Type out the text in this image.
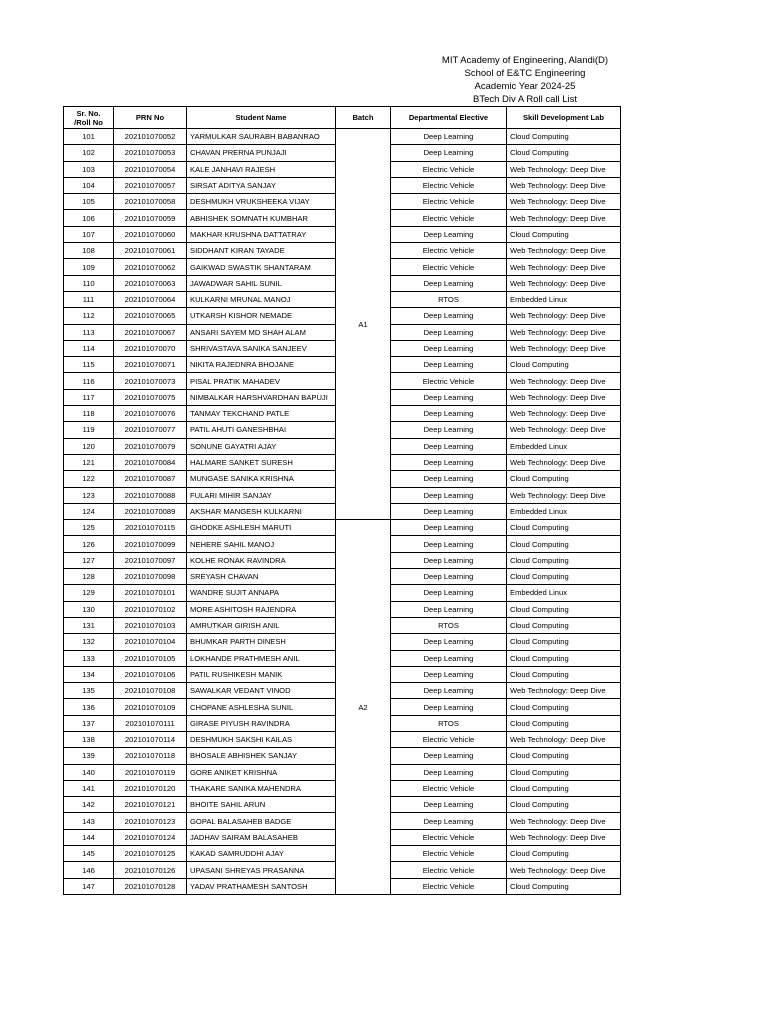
MIT Academy of Engineering, Alandi(D)
School of E&TC Engineering
Academic Year 2024-25
BTech Div A Roll call List
Sr. No.
/Roll No	PRN No	Student Name	Batch	Departmental Elective	Skill Development Lab
101	202101070052	YARMULKAR SAURABH BABANRAO	A1	Deep Learning	Cloud Computing
102	202101070053	CHAVAN PRERNA PUNJAJI		Deep Learning	Cloud Computing
103	202101070054	KALE JANHAVI RAJESH		Electric Vehicle	Web Technology: Deep Dive
104	202101070057	SIRSAT ADITYA SANJAY		Electric Vehicle	Web Technology: Deep Dive
105	202101070058	DESHMUKH VRUKSHEEKA VIJAY		Electric Vehicle	Web Technology: Deep Dive
106	202101070059	ABHISHEK SOMNATH KUMBHAR		Electric Vehicle	Web Technology: Deep Dive
107	202101070060	MAKHAR KRUSHNA DATTATRAY		Deep Learning	Cloud Computing
108	202101070061	SIDDHANT KIRAN TAYADE		Electric Vehicle	Web Technology: Deep Dive
109	202101070062	GAIKWAD SWASTIK SHANTARAM		Electric Vehicle	Web Technology: Deep Dive
110	202101070063	JAWADWAR SAHIL SUNIL		Deep Learning	Web Technology: Deep Dive
111	202101070064	KULKARNI MRUNAL MANOJ		RTOS	Embedded Linux
112	202101070065	UTKARSH KISHOR NEMADE		Deep Learning	Web Technology: Deep Dive
113	202101070067	ANSARI SAYEM MD SHAH ALAM		Deep Learning	Web Technology: Deep Dive
114	202101070070	SHRIVASTAVA SANIKA SANJEEV		Deep Learning	Web Technology: Deep Dive
115	202101070071	NIKITA RAJEDNRA BHOJANE		Deep Learning	Cloud Computing
116	202101070073	PISAL PRATIK MAHADEV		Electric Vehicle	Web Technology: Deep Dive
117	202101070075	NIMBALKAR HARSHVARDHAN BAPUJI		Deep Learning	Web Technology: Deep Dive
118	202101070076	TANMAY TEKCHAND PATLE		Deep Learning	Web Technology: Deep Dive
119	202101070077	PATIL AHUTI GANESHBHAI		Deep Learning	Web Technology: Deep Dive
120	202101070079	SONUNE GAYATRI AJAY		Deep Learning	Embedded Linux
121	202101070084	HALMARE SANKET SURESH		Deep Learning	Web Technology: Deep Dive
122	202101070087	MUNGASE SANIKA KRISHNA		Deep Learning	Cloud Computing
123	202101070088	FULARI MIHIR SANJAY		Deep Learning	Web Technology: Deep Dive
124	202101070089	AKSHAR MANGESH KULKARNI		Deep Learning	Embedded Linux
125	202101070115	GHODKE ASHLESH MARUTI	A2	Deep Learning	Cloud Computing
126	202101070099	NEHERE SAHIL MANOJ		Deep Learning	Cloud Computing
127	202101070097	KOLHE RONAK RAVINDRA		Deep Learning	Cloud Computing
128	202101070098	SREYASH CHAVAN		Deep Learning	Cloud Computing
129	202101070101	WANDRE SUJIT ANNAPA		Deep Learning	Embedded Linux
130	202101070102	MORE ASHITOSH RAJENDRA		Deep Learning	Cloud Computing
131	202101070103	AMRUTKAR GIRISH ANIL		RTOS	Cloud Computing
132	202101070104	BHUMKAR PARTH DINESH		Deep Learning	Cloud Computing
133	202101070105	LOKHANDE PRATHMESH ANIL		Deep Learning	Cloud Computing
134	202101070106	PATIL RUSHIKESH MANIK		Deep Learning	Cloud Computing
135	202101070108	SAWALKAR VEDANT VINOD		Deep Learning	Web Technology: Deep Dive
136	202101070109	CHOPANE ASHLESHA SUNIL		Deep Learning	Cloud Computing
137	202101070111	GIRASE PIYUSH RAVINDRA		RTOS	Cloud Computing
138	202101070114	DESHMUKH SAKSHI KAILAS		Electric Vehicle	Web Technology: Deep Dive
139	202101070118	BHOSALE ABHISHEK SANJAY		Deep Learning	Cloud Computing
140	202101070119	GORE ANIKET KRISHNA		Deep Learning	Cloud Computing
141	202101070120	THAKARE SANIKA MAHENDRA		Electric Vehicle	Cloud Computing
142	202101070121	BHOITE SAHIL ARUN		Deep Learning	Cloud Computing
143	202101070123	GOPAL BALASAHEB BADGE		Deep Learning	Web Technology: Deep Dive
144	202101070124	JADHAV SAIRAM BALASAHEB		Electric Vehicle	Web Technology: Deep Dive
145	202101070125	KAKAD SAMRUDDHI AJAY		Electric Vehicle	Cloud Computing
146	202101070126	UPASANI SHREYAS PRASANNA		Electric Vehicle	Web Technology: Deep Dive
147	202101070128	YADAV PRATHAMESH SANTOSH		Electric Vehicle	Cloud Computing
